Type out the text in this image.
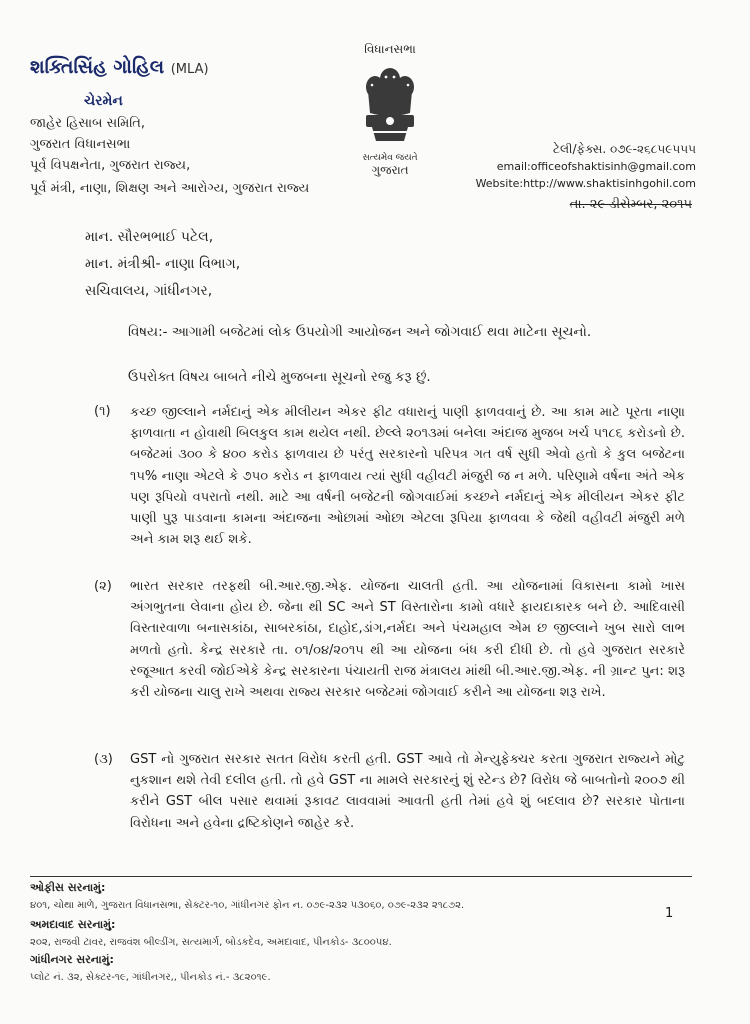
શક્તિસિંહ ગોહિલ (MLA)
ચેરમેન
જાહેર હિસાબ સમિતિ,
ગુજરાત વિધાનસભા
પૂર્વ વિપક્ષનેતા, ગુજરાત રાજ્ય,
પૂર્વ મંત્રી, નાણા, શિક્ષણ અને આરોગ્ય, ગુજરાત રાજ્ય
વિધાનસભા
સત્યમેવ જયતે
ગુજરાત
ટેલી/ફેક્સ. ૦૭૯-૨૬૮૫૯૫૫૫
email:officeofshaktisinh@gmail.com
Website:http://www.shaktisinhgohil.com
તા. ૨૯ ડીસેમ્બર, ૨૦૧૫
માન. સૌરભભાઈ પટેલ,
માન. મંત્રીશ્રી- નાણા વિભાગ,
સચિવાલય, ગાંધીનગર,
વિષય:- આગામી બજેટમાં લોક ઉપયોગી આયોજન અને જોગવાઈ થવા માટેના સૂચનો.
ઉપરોક્ત વિષય બાબતે નીચે મુજબના સૂચનો રજુ કરૂ છું.
(૧) કચ્છ જીલ્લાને નર્મદાનું એક મીલીયન એકર ફીટ વધારાનું પાણી ફાળવવાનું છે. આ કામ માટે પૂરતા નાણા ફાળવાતા ન હોવાથી બિલકુલ કામ થયેલ નથી. છેલ્લે ૨૦૧૩માં બનેલા અંદાજ મુજબ ખર્ચ ૫૧૮૬ કરોડનો છે. બજેટમાં ૩૦૦ કે ૪૦૦ કરોડ ફાળવાય છે પરંતુ સરકારનો પરિપત્ર ગત વર્ષ સુધી એવો હતો કે કુલ બજેટના ૧૫% નાણા એટલે કે ૭૫૦ કરોડ ન ફાળવાય ત્યાં સુધી વહીવટી મંજુરી જ ન મળે. પરિણામે વર્ષના અંતે એક પણ રૂપિયો વપરાતો નથી. માટે આ વર્ષની બજેટની જોગવાઈમાં કચ્છને નર્મદાનું એક મીલીયન એકર ફીટ પાણી પુરૂ પાડવાના કામના અંદાજના ઓછામાં ઓછા એટલા રૂપિયા ફાળવવા કે જેથી વહીવટી મંજુરી મળે અને કામ શરૂ થઈ શકે.
(૨) ભારત સરકાર તરફથી બી.આર.જી.એફ. યોજના ચાલતી હતી. આ યોજનામાં વિકાસના કામો ખાસ અંગભુતના લેવાના હોય છે. જેના થી SC અને ST વિસ્તારોના કામો વધારે ફાયદાકારક બને છે. આદિવાસી વિસ્તારવાળા બનાસકાંઠા, સાબરકાંઠા, દાહોદ,ડાંગ,નર્મદા અને પંચમહાલ એમ છ જીલ્લાને ખુબ સારો લાભ મળતો હતો. કેન્દ્ર સરકારે તા. ૦૧/૦૪/૨૦૧૫ થી આ યોજના બંધ કરી દીધી છે. તો હવે ગુજરાત સરકારે રજૂઆત કરવી જોઈએકે કેન્દ્ર સરકારના પંચાયતી રાજ મંત્રાલય માંથી બી.આર.જી.એફ. ની ગ્રાન્ટ પુન: શરૂ કરી યોજના ચાલુ રાખે અથવા રાજ્ય સરકાર બજેટમાં જોગવાઈ કરીને આ યોજના શરૂ રાખે.
(૩) GST નો ગુજરાત સરકાર સતત વિરોધ કરતી હતી. GST આવે તો મેન્યુફેક્ચર કરતા ગુજરાત રાજ્યને મોટુ નુકશાન થશે તેવી દલીલ હતી. તો હવે GST ના મામલે સરકારનું શું સ્ટેન્ડ છે? વિરોધ જે બાબતોનો ૨૦૦૭ થી કરીને GST બીલ પસાર થવામાં રૂકાવટ લાવવામાં આવતી હતી તેમાં હવે શું બદલાવ છે? સરકાર પોતાના વિરોધના અને હવેના દ્રષ્ટિકોણને જાહેર કરે.
ઓફીસ સરનામું:
૪૦૧, ચોથા માળે, ગુજરાત વિધાનસભા, સેક્ટર-૧૦, ગાંધીનગર ફોન ન. ૦૭૯-૨૩૨ ૫૩૦૬૦, ૦૭૯-૨૩૨ ૨૧૮૭૨.
અમદાવાદ સરનામું:
૨૦૨, રાજવી ટાવર, રાજવંશ બીલ્ડીંગ, સત્યમાર્ગ, બોડકદેવ, અમદાવાદ, પીનકોડ- ૩૮૦૦૫૪.
ગાંધીનગર સરનામું:
પ્લોટ નં. ૩૨, સેક્ટર-૧૯, ગાંધીનગર,, પીનકોડ નં.- ૩૮૨૦૧૯.
1
